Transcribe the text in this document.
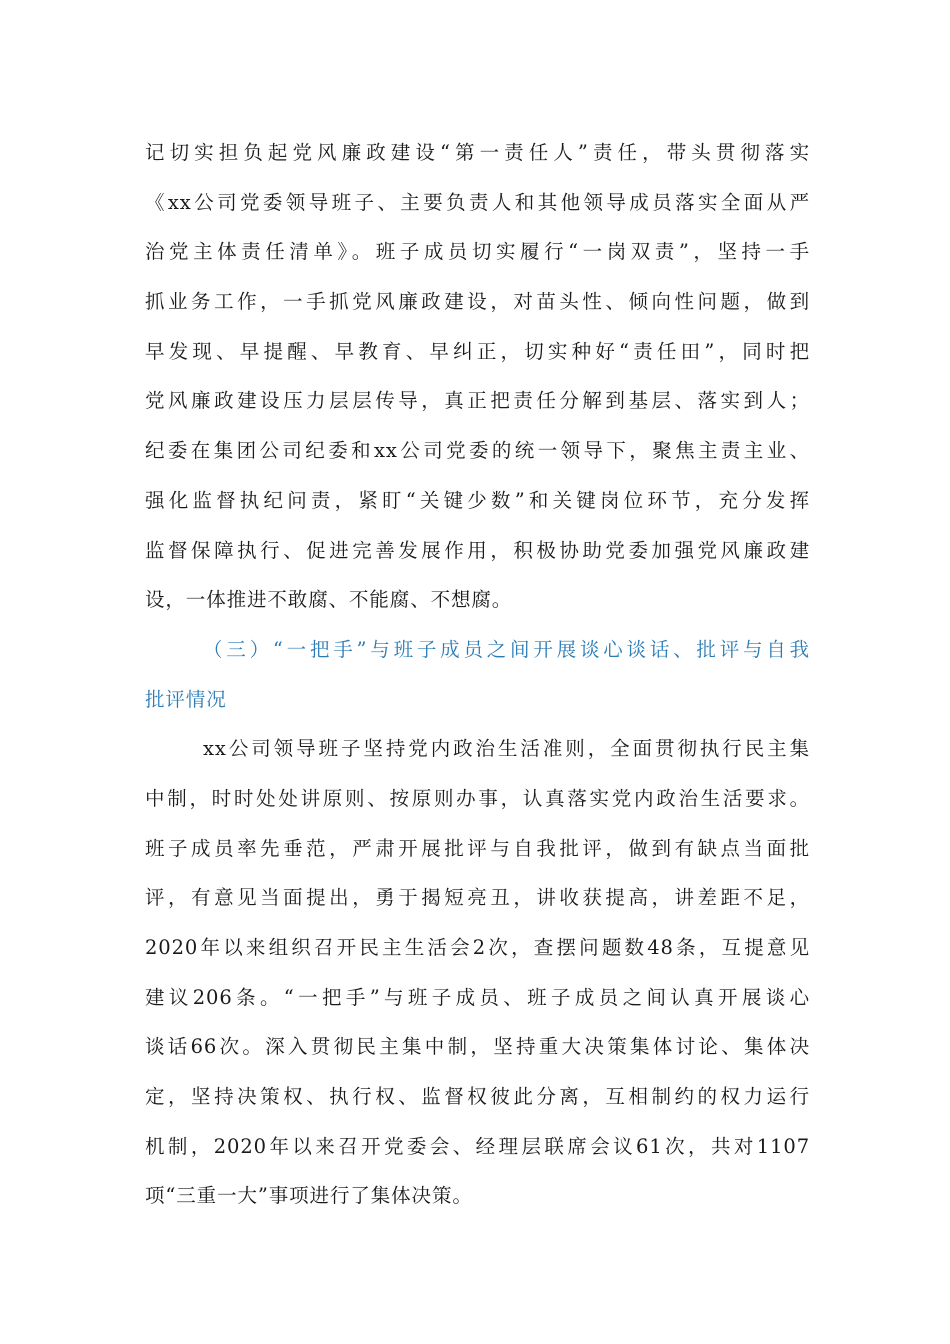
记切实担负起党风廉政建设“第一责任人”责任，带头贯彻落实
《xx公司党委领导班子、主要负责人和其他领导成员落实全面从严
治党主体责任清单》。班子成员切实履行“一岗双责”，坚持一手
抓业务工作，一手抓党风廉政建设，对苗头性、倾向性问题，做到
早发现、早提醒、早教育、早纠正，切实种好“责任田”，同时把
党风廉政建设压力层层传导，真正把责任分解到基层、落实到人；
纪委在集团公司纪委和xx公司党委的统一领导下，聚焦主责主业、
强化监督执纪问责，紧盯“关键少数”和关键岗位环节，充分发挥
监督保障执行、促进完善发展作用，积极协助党委加强党风廉政建
设，一体推进不敢腐、不能腐、不想腐。
（三）“一把手”与班子成员之间开展谈心谈话、批评与自我
批评情况
xx公司领导班子坚持党内政治生活准则，全面贯彻执行民主集
中制，时时处处讲原则、按原则办事，认真落实党内政治生活要求。
班子成员率先垂范，严肃开展批评与自我批评，做到有缺点当面批
评，有意见当面提出，勇于揭短亮丑，讲收获提高，讲差距不足，
2020年以来组织召开民主生活会2次，查摆问题数48条，互提意见
建议206条。“一把手”与班子成员、班子成员之间认真开展谈心
谈话66次。深入贯彻民主集中制，坚持重大决策集体讨论、集体决
定，坚持决策权、执行权、监督权彼此分离，互相制约的权力运行
机制，2020年以来召开党委会、经理层联席会议61次，共对1107
项“三重一大”事项进行了集体决策。
